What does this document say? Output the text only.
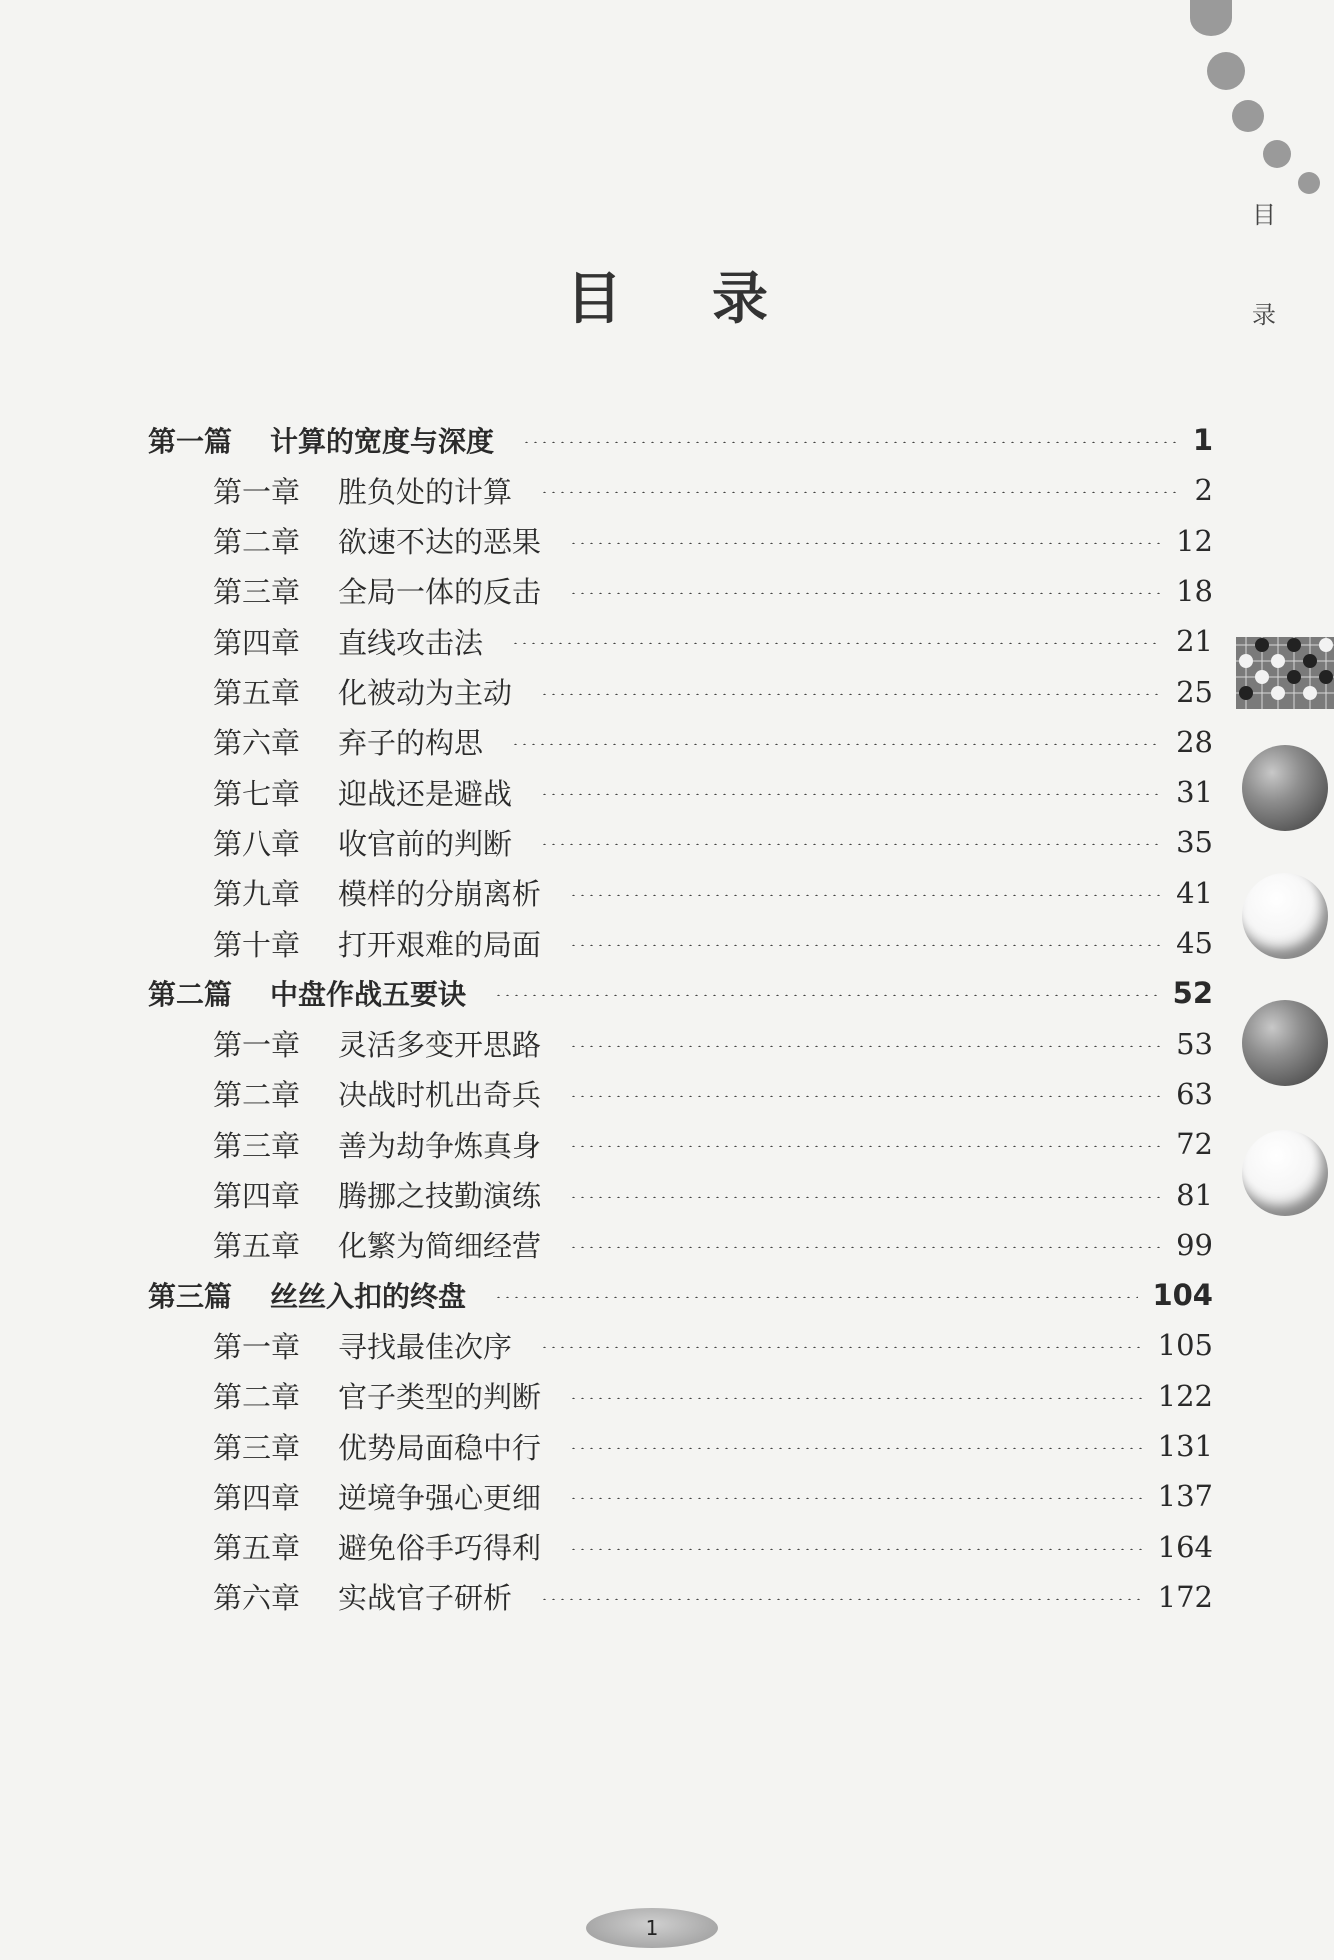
目
录
目 录
第一篇 计算的宽度与深度	1
第一章 胜负处的计算	2
第二章 欲速不达的恶果	12
第三章 全局一体的反击	18
第四章 直线攻击法	21
第五章 化被动为主动	25
第六章 弃子的构思	28
第七章 迎战还是避战	31
第八章 收官前的判断	35
第九章 模样的分崩离析	41
第十章 打开艰难的局面	45
第二篇 中盘作战五要诀	52
第一章 灵活多变开思路	53
第二章 决战时机出奇兵	63
第三章 善为劫争炼真身	72
第四章 腾挪之技勤演练	81
第五章 化繁为简细经营	99
第三篇 丝丝入扣的终盘	104
第一章 寻找最佳次序	105
第二章 官子类型的判断	122
第三章 优势局面稳中行	131
第四章 逆境争强心更细	137
第五章 避免俗手巧得利	164
第六章 实战官子研析	172
1
